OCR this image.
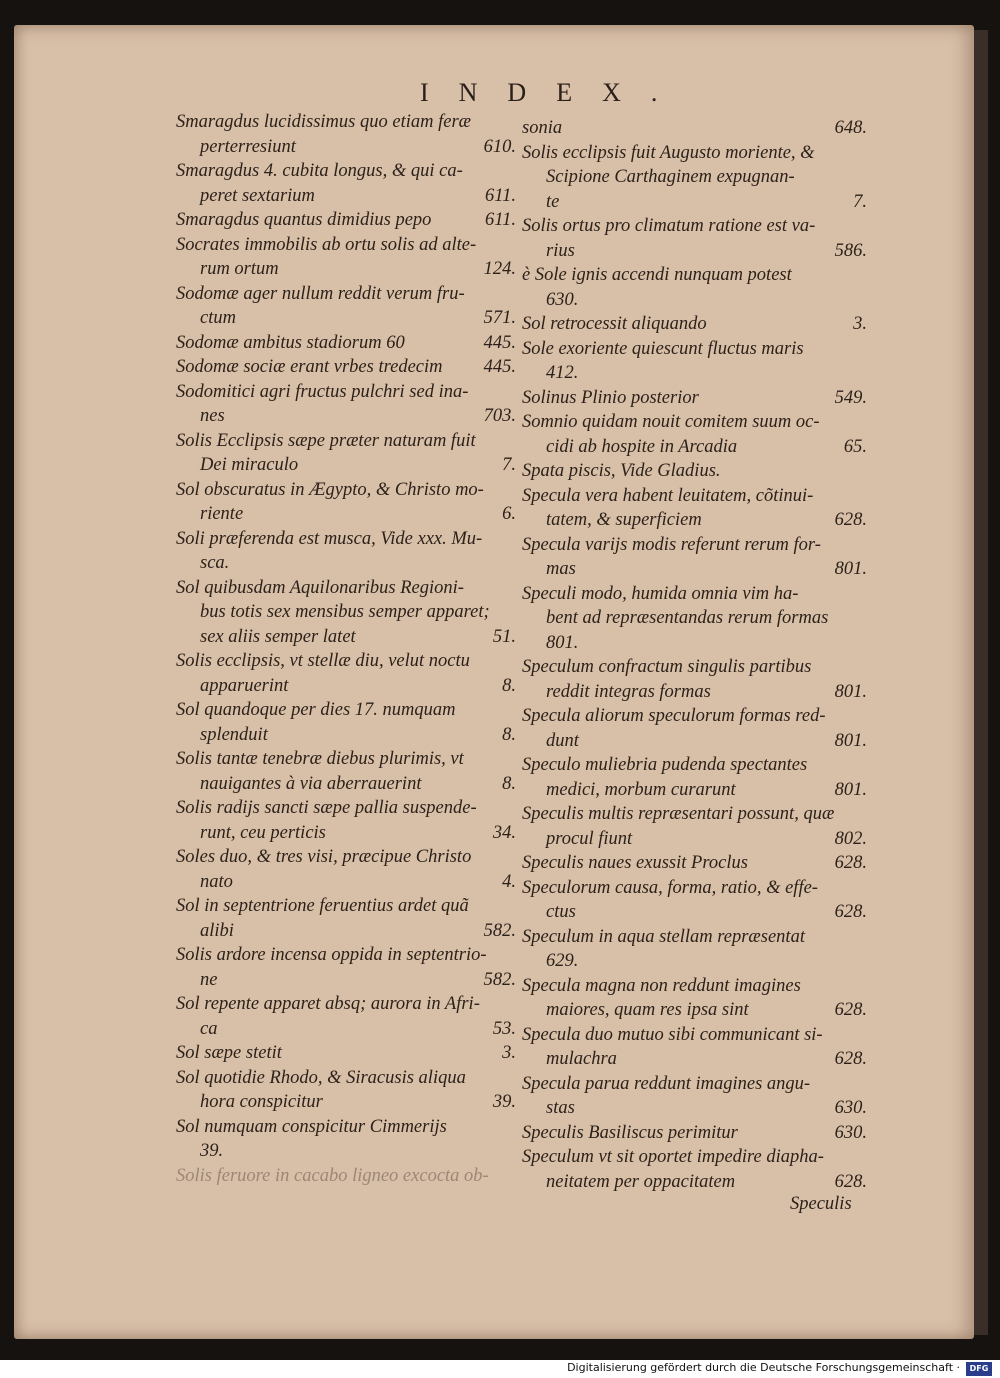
INDEX.
Smaragdus lucidissimus quo etiam feræ
perterresiunt	610.
Smaragdus 4. cubita longus, & qui ca-
peret sextarium	611.
Smaragdus quantus dimidius pepo	611.
Socrates immobilis ab ortu solis ad alte-
rum ortum	124.
Sodomæ ager nullum reddit verum fru-
ctum	571.
Sodomæ ambitus stadiorum 60	445.
Sodomæ sociæ erant vrbes tredecim	445.
Sodomitici agri fructus pulchri sed ina-
nes	703.
Solis Ecclipsis sæpe præter naturam fuit
Dei miraculo	7.
Sol obscuratus in Ægypto, & Christo mo-
riente	6.
Soli præferenda est musca, Vide xxx. Mu-
sca.
Sol quibusdam Aquilonaribus Regioni-
bus totis sex mensibus semper apparet;
sex aliis semper latet	51.
Solis ecclipsis, vt stellæ diu, velut noctu
apparuerint	8.
Sol quandoque per dies 17. numquam
splenduit	8.
Solis tantæ tenebræ diebus plurimis, vt
nauigantes à via aberrauerint	8.
Solis radijs sancti sæpe pallia suspende-
runt, ceu perticis	34.
Soles duo, & tres visi, præcipue Christo
nato	4.
Sol in septentrione feruentius ardet quã
alibi	582.
Solis ardore incensa oppida in septentrio-
ne	582.
Sol repente apparet absq; aurora in Afri-
ca	53.
Sol sæpe stetit	3.
Sol quotidie Rhodo, & Siracusis aliqua
hora conspicitur	39.
Sol numquam conspicitur Cimmerijs
39.
Solis feruore in cacabo ligneo excocta ob-
sonia	648.
Solis ecclipsis fuit Augusto moriente, &
Scipione Carthaginem expugnan-
te	7.
Solis ortus pro climatum ratione est va-
rius	586.
è Sole ignis accendi nunquam potest
630.
Sol retrocessit aliquando	3.
Sole exoriente quiescunt fluctus maris
412.
Solinus Plinio posterior	549.
Somnio quidam nouit comitem suum oc-
cidi ab hospite in Arcadia	65.
Spata piscis, Vide Gladius.
Specula vera habent leuitatem, cõtinui-
tatem, & superficiem	628.
Specula varijs modis referunt rerum for-
mas	801.
Speculi modo, humida omnia vim ha-
bent ad repræsentandas rerum formas
801.
Speculum confractum singulis partibus
reddit integras formas	801.
Specula aliorum speculorum formas red-
dunt	801.
Speculo muliebria pudenda spectantes
medici, morbum curarunt	801.
Speculis multis repræsentari possunt, quæ
procul fiunt	802.
Speculis naues exussit Proclus	628.
Speculorum causa, forma, ratio, & effe-
ctus	628.
Speculum in aqua stellam repræsentat
629.
Specula magna non reddunt imagines
maiores, quam res ipsa sint	628.
Specula duo mutuo sibi communicant si-
mulachra	628.
Specula parua reddunt imagines angu-
stas	630.
Speculis Basiliscus perimitur	630.
Speculum vt sit oportet impedire diapha-
neitatem per oppacitatem	628.
Speculis
Digitalisierung gefördert durch die Deutsche Forschungsgemeinschaft ·	DFG
